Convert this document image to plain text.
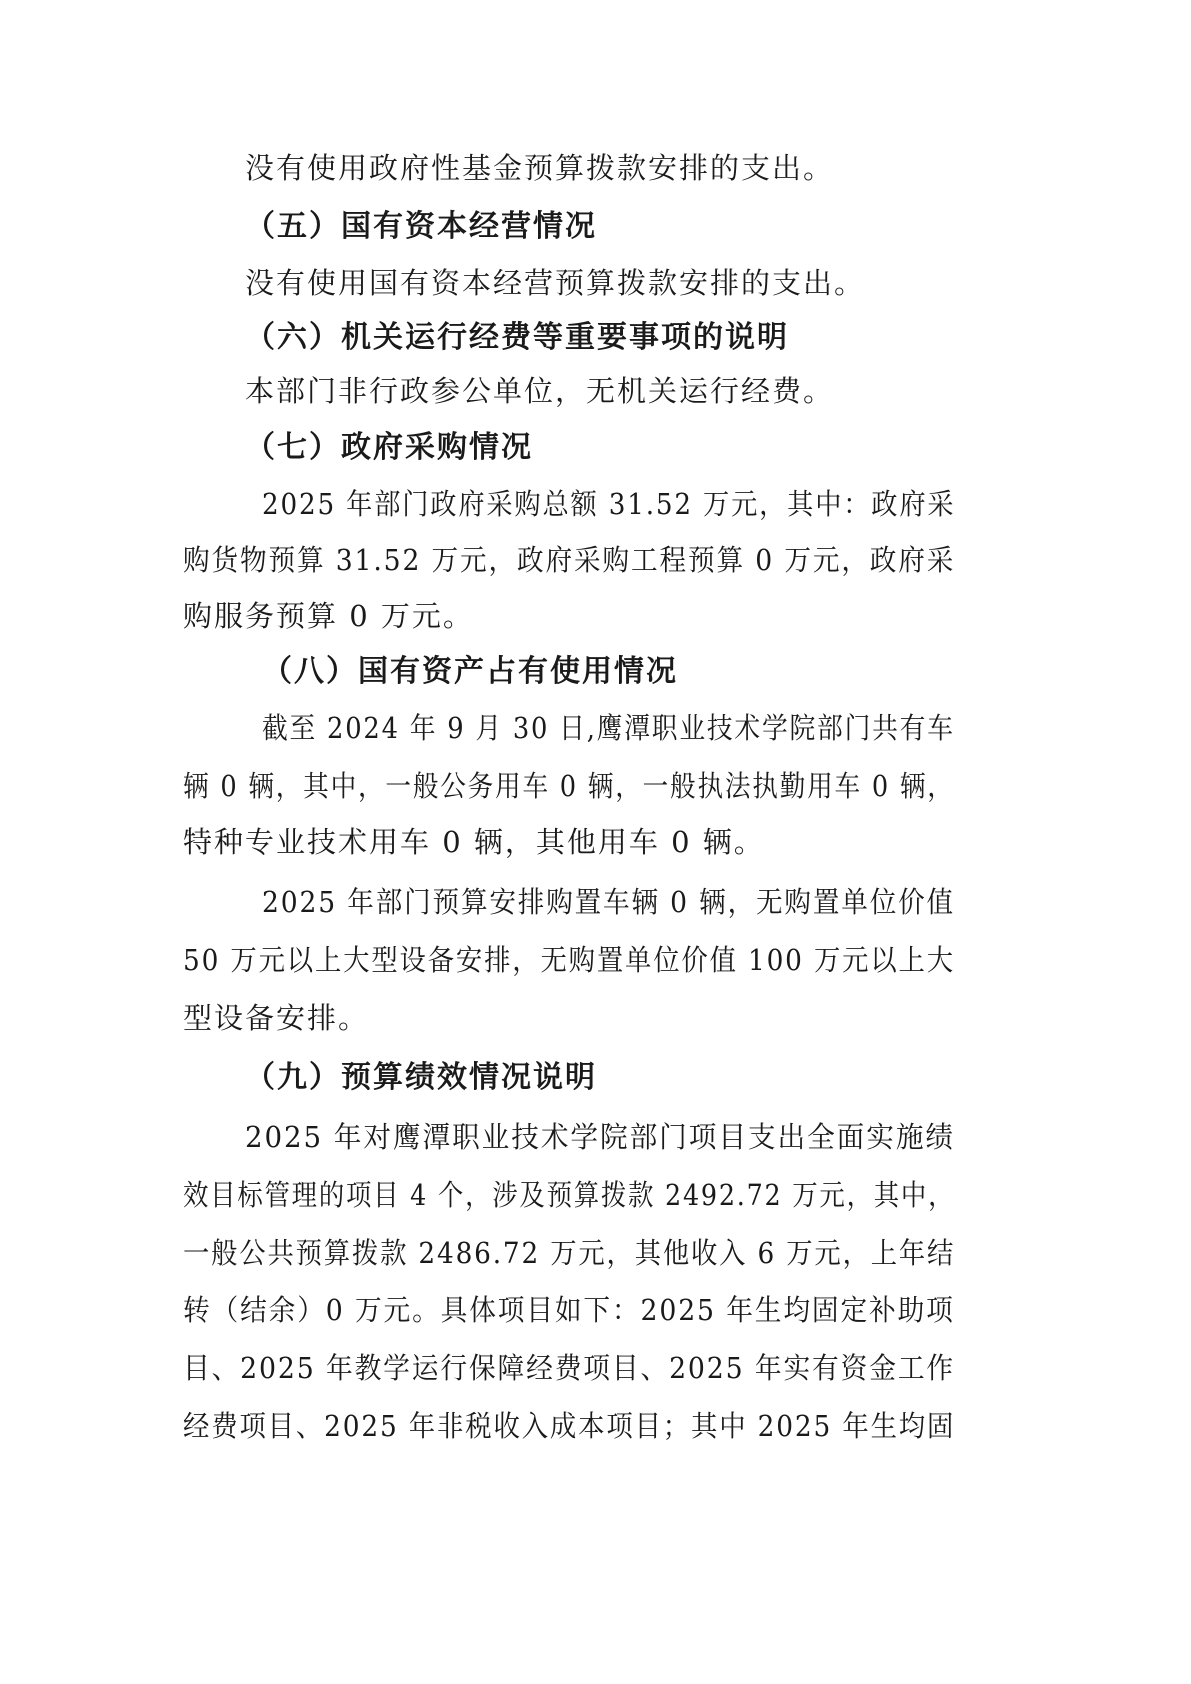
没有使用政府性基金预算拨款安排的支出。
（五）国有资本经营情况
没有使用国有资本经营预算拨款安排的支出。
（六）机关运行经费等重要事项的说明
本部门非行政参公单位，无机关运行经费。
（七）政府采购情况
2025 年部门政府采购总额 31.52 万元，其中：政府采
购货物预算 31.52 万元，政府采购工程预算 0 万元，政府采
购服务预算 0 万元。
（八）国有资产占有使用情况
截至 2024 年 9 月 30 日,鹰潭职业技术学院部门共有车
辆 0 辆，其中，一般公务用车 0 辆，一般执法执勤用车 0 辆，
特种专业技术用车 0 辆，其他用车 0 辆。
2025 年部门预算安排购置车辆 0 辆，无购置单位价值
50 万元以上大型设备安排，无购置单位价值 100 万元以上大
型设备安排。
（九）预算绩效情况说明
2025 年对鹰潭职业技术学院部门项目支出全面实施绩
效目标管理的项目 4 个，涉及预算拨款 2492.72 万元，其中，
一般公共预算拨款 2486.72 万元，其他收入 6 万元，上年结
转（结余）0 万元。具体项目如下：2025 年生均固定补助项
目、2025 年教学运行保障经费项目、2025 年实有资金工作
经费项目、2025 年非税收入成本项目；其中 2025 年生均固
